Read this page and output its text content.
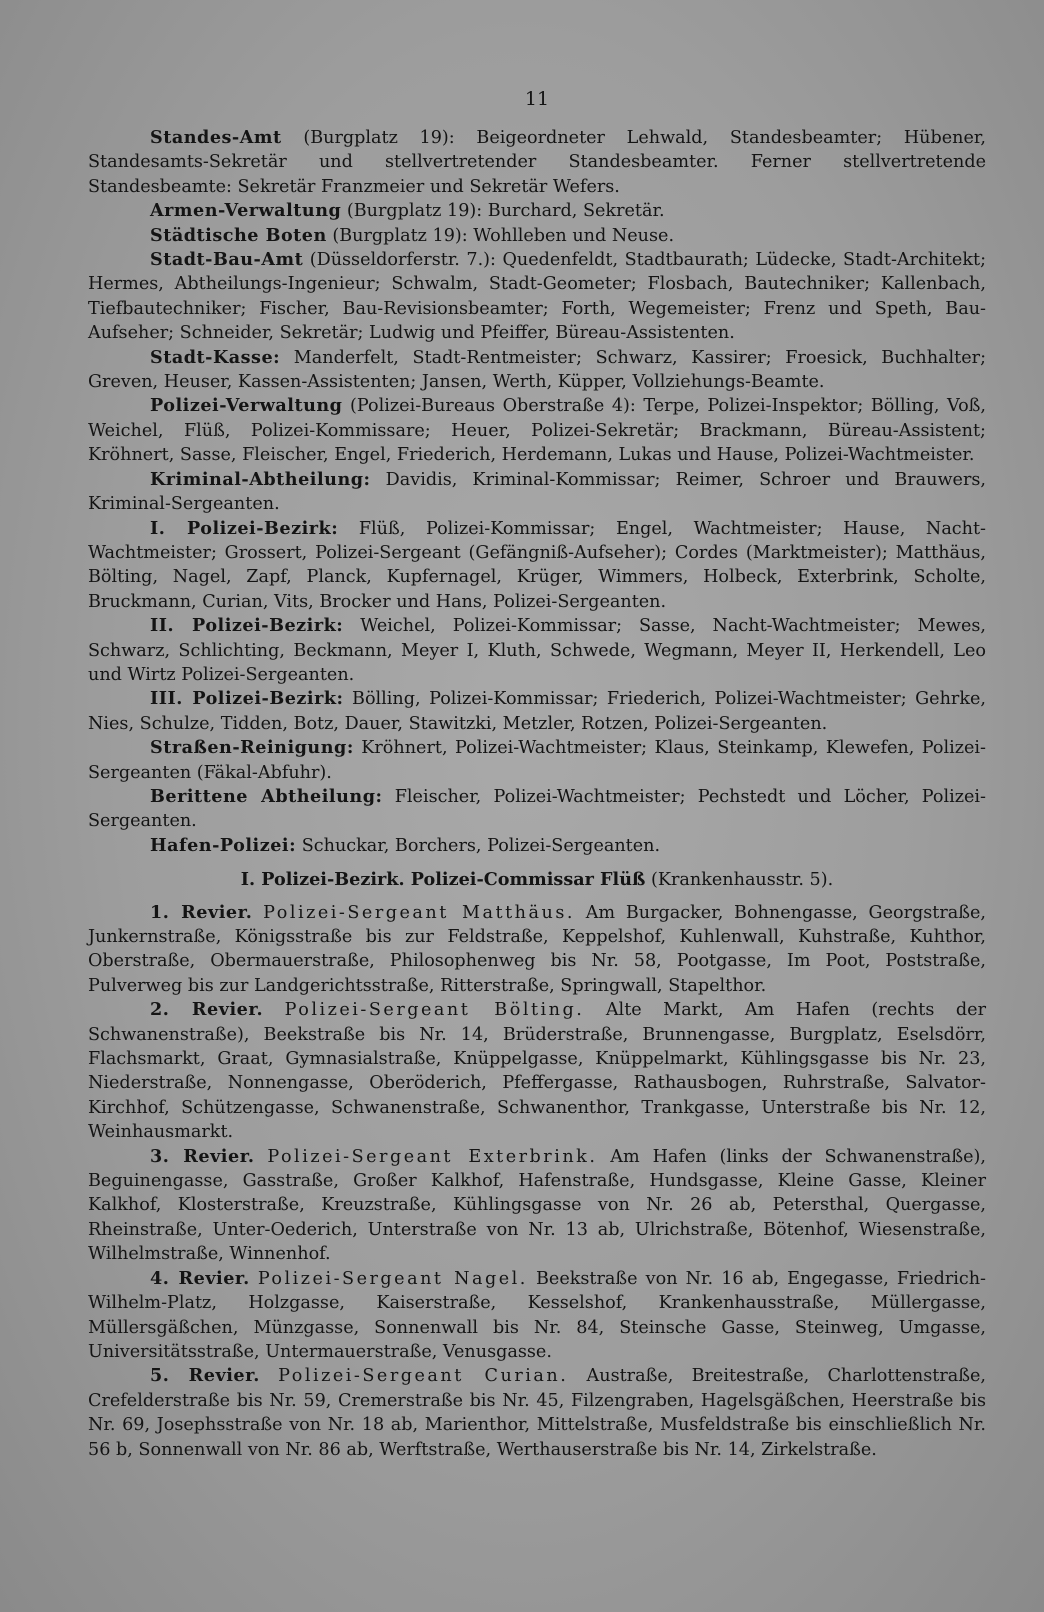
11

Standes-Amt (Burgplatz 19): Beigeordneter Lehwald, Standesbeamter; Hübener, Standesamts-Sekretär und stellvertretender Standesbeamter. Ferner stellvertretende Standesbeamte: Sekretär Franzmeier und Sekretär Wefers.

Armen-Verwaltung (Burgplatz 19): Burchard, Sekretär.

Städtische Boten (Burgplatz 19): Wohlleben und Neuse.

Stadt-Bau-Amt (Düsseldorferstr. 7.): Quedenfeldt, Stadtbaurath; Lüdecke, Stadt-Architekt; Hermes, Abtheilungs-Ingenieur; Schwalm, Stadt-Geometer; Flosbach, Bautechniker; Kallenbach, Tiefbautechniker; Fischer, Bau-Revisionsbeamter; Forth, Wegemeister; Frenz und Speth, Bau-Aufseher; Schneider, Sekretär; Ludwig und Pfeiffer, Büreau-Assistenten.

Stadt-Kasse: Manderfelt, Stadt-Rentmeister; Schwarz, Kassirer; Froesick, Buchhalter; Greven, Heuser, Kassen-Assistenten; Jansen, Werth, Küpper, Vollziehungs-Beamte.

Polizei-Verwaltung (Polizei-Bureaus Oberstraße 4): Terpe, Polizei-Inspektor; Bölling, Voß, Weichel, Flüß, Polizei-Kommissare; Heuer, Polizei-Sekretär; Brackmann, Büreau-Assistent; Kröhnert, Sasse, Fleischer, Engel, Friederich, Herdemann, Lukas und Hause, Polizei-Wachtmeister.

Kriminal-Abtheilung: Davidis, Kriminal-Kommissar; Reimer, Schroer und Brauwers, Kriminal-Sergeanten.

I. Polizei-Bezirk: Flüß, Polizei-Kommissar; Engel, Wachtmeister; Hause, Nacht-Wachtmeister; Grossert, Polizei-Sergeant (Gefängniß-Aufseher); Cordes (Marktmeister); Matthäus, Bölting, Nagel, Zapf, Planck, Kupfernagel, Krüger, Wimmers, Holbeck, Exterbrink, Scholte, Bruckmann, Curian, Vits, Brocker und Hans, Polizei-Sergeanten.

II. Polizei-Bezirk: Weichel, Polizei-Kommissar; Sasse, Nacht-Wachtmeister; Mewes, Schwarz, Schlichting, Beckmann, Meyer I, Kluth, Schwede, Wegmann, Meyer II, Herkendell, Leo und Wirtz Polizei-Sergeanten.

III. Polizei-Bezirk: Bölling, Polizei-Kommissar; Friederich, Polizei-Wachtmeister; Gehrke, Nies, Schulze, Tidden, Botz, Dauer, Stawitzki, Metzler, Rotzen, Polizei-Sergeanten.

Straßen-Reinigung: Kröhnert, Polizei-Wachtmeister; Klaus, Steinkamp, Klewefen, Polizei-Sergeanten (Fäkal-Abfuhr).

Berittene Abtheilung: Fleischer, Polizei-Wachtmeister; Pechstedt und Löcher, Polizei-Sergeanten.

Hafen-Polizei: Schuckar, Borchers, Polizei-Sergeanten.

I. Polizei-Bezirk. Polizei-Commissar Flüß (Krankenhausstr. 5).

1. Revier. Polizei-Sergeant Matthäus. Am Burgacker, Bohnengasse, Georgstraße, Junkernstraße, Königsstraße bis zur Feldstraße, Keppelshof, Kuhlenwall, Kuhstraße, Kuhthor, Oberstraße, Obermauerstraße, Philosophenweg bis Nr. 58, Pootgasse, Im Poot, Poststraße, Pulverweg bis zur Landgerichtsstraße, Ritterstraße, Springwall, Stapelthor.

2. Revier. Polizei-Sergeant Bölting. Alte Markt, Am Hafen (rechts der Schwanenstraße), Beekstraße bis Nr. 14, Brüderstraße, Brunnengasse, Burgplatz, Eselsdörr, Flachsmarkt, Graat, Gymnasialstraße, Knüppelgasse, Knüppelmarkt, Kühlingsgasse bis Nr. 23, Niederstraße, Nonnengasse, Oberöderich, Pfeffergasse, Rathausbogen, Ruhrstraße, Salvator-Kirchhof, Schützengasse, Schwanenstraße, Schwanenthor, Trankgasse, Unterstraße bis Nr. 12, Weinhausmarkt.

3. Revier. Polizei-Sergeant Exterbrink. Am Hafen (links der Schwanenstraße), Beguinengasse, Gasstraße, Großer Kalkhof, Hafenstraße, Hundsgasse, Kleine Gasse, Kleiner Kalkhof, Klosterstraße, Kreuzstraße, Kühlingsgasse von Nr. 26 ab, Petersthal, Quergasse, Rheinstraße, Unter-Oederich, Unterstraße von Nr. 13 ab, Ulrichstraße, Bötenhof, Wiesenstraße, Wilhelmstraße, Winnenhof.

4. Revier. Polizei-Sergeant Nagel. Beekstraße von Nr. 16 ab, Engegasse, Friedrich-Wilhelm-Platz, Holzgasse, Kaiserstraße, Kesselshof, Krankenhausstraße, Müllergasse, Müllersgäßchen, Münzgasse, Sonnenwall bis Nr. 84, Steinsche Gasse, Steinweg, Umgasse, Universitätsstraße, Untermauerstraße, Venusgasse.

5. Revier. Polizei-Sergeant Curian. Austraße, Breitestraße, Charlottenstraße, Crefelderstraße bis Nr. 59, Cremerstraße bis Nr. 45, Filzengraben, Hagelsgäßchen, Heerstraße bis Nr. 69, Josephsstraße von Nr. 18 ab, Marienthor, Mittelstraße, Musfeldstraße bis einschließlich Nr. 56 b, Sonnenwall von Nr. 86 ab, Werftstraße, Werthauserstraße bis Nr. 14, Zirkelstraße.
